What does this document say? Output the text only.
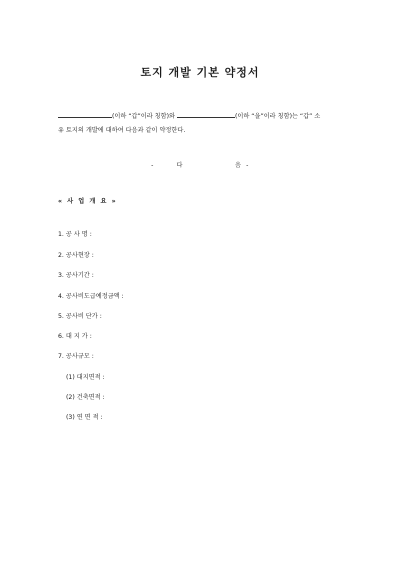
토지 개발 기본 약정서
(이하 “갑”이라 칭함)와	(이하 “을”이라 칭함)는 “갑” 소
유 토지의 개발에 대하여 다음과 같이 약정한다.
-	다	음 -
« 사 업 개 요 »
1. 공 사 명 :
2. 공사현장 :
3. 공사기간 :
4. 공사비도급예정금액 :
5. 공사비 단가 :
6. 대 지 가 :
7. 공사규모 :
(1) 대지면적 :
(2) 건축면적 :
(3) 연 면 적 :
